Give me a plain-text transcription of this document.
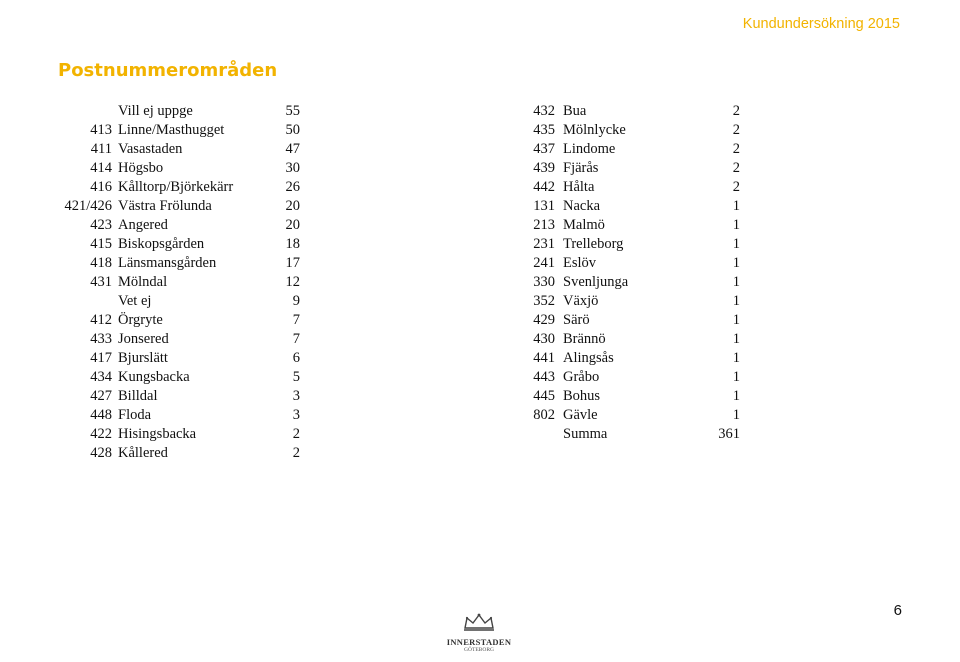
Kundundersökning 2015
Postnummerområden
Vill ej uppge	55
413 Linne/Masthugget	50
411 Vasastaden	47
414 Högsbo	30
416 Kålltorp/Björkekärr	26
421/426 Västra Frölunda	20
423 Angered	20
415 Biskopsgården	18
418 Länsmansgården	17
431 Mölndal	12
Vet ej	9
412 Örgryte	7
433 Jonsered	7
417 Bjurslätt	6
434 Kungsbacka	5
427 Billdal	3
448 Floda	3
422 Hisingsbacka	2
428 Kållered	2
432 Bua	2
435 Mölnlycke	2
437 Lindome	2
439 Fjärås	2
442 Hålta	2
131 Nacka	1
213 Malmö	1
231 Trelleborg	1
241 Eslöv	1
330 Svenljunga	1
352 Växjö	1
429 Särö	1
430 Brännö	1
441 Alingsås	1
443 Gråbo	1
445 Bohus	1
802 Gävle	1
Summa	361
INNERSTADEN
GÖTEBORG
6
